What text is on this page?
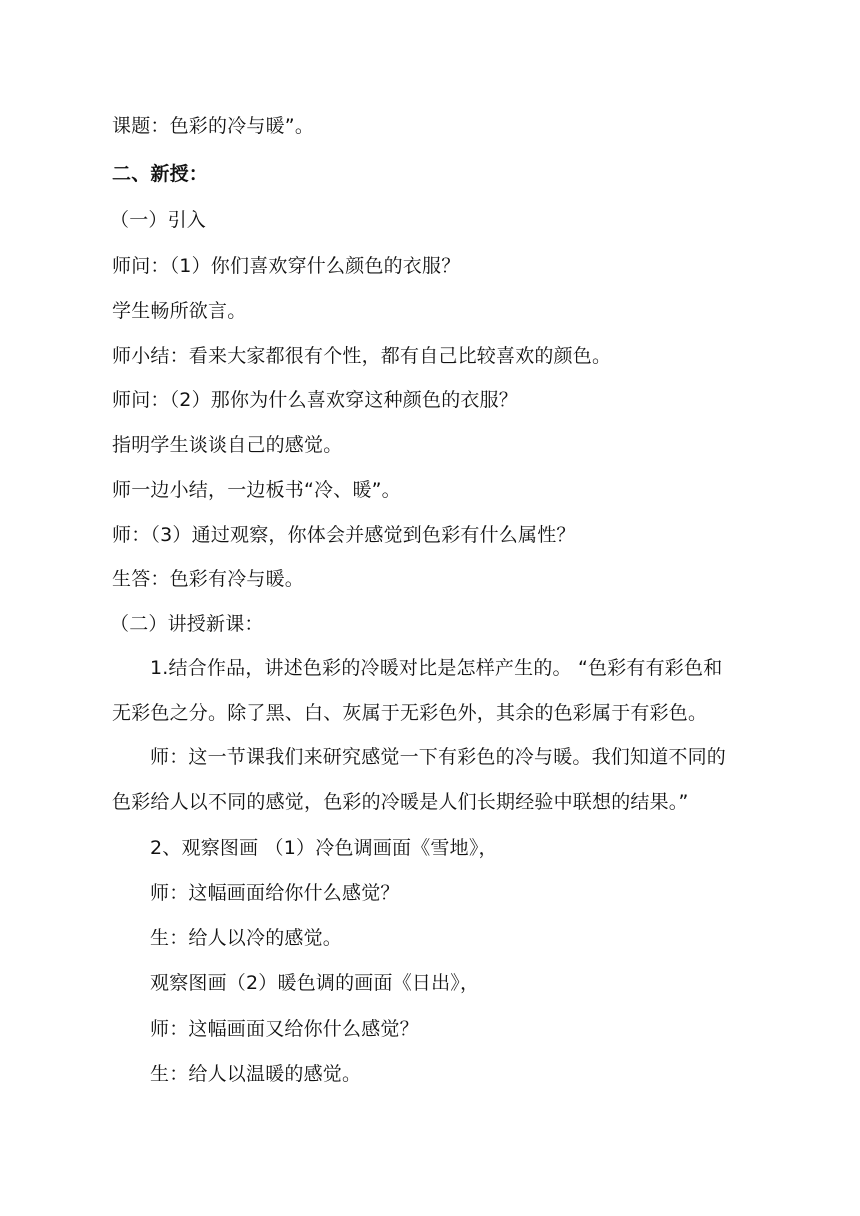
课题：色彩的冷与暖”。
二、新授：
（一）引入
师问：（1）你们喜欢穿什么颜色的衣服？
学生畅所欲言。
师小结：看来大家都很有个性，都有自己比较喜欢的颜色。
师问：（2）那你为什么喜欢穿这种颜色的衣服？
指明学生谈谈自己的感觉。
师一边小结，一边板书“冷、暖”。
师：（3）通过观察，你体会并感觉到色彩有什么属性？
生答：色彩有冷与暖。
（二）讲授新课：
1.结合作品，讲述色彩的冷暖对比是怎样产生的。 “色彩有有彩色和
无彩色之分。除了黑、白、灰属于无彩色外，其余的色彩属于有彩色。
师：这一节课我们来研究感觉一下有彩色的冷与暖。我们知道不同的
色彩给人以不同的感觉，色彩的冷暖是人们长期经验中联想的结果。”
2、观察图画 （1）冷色调画面《雪地》，
师：这幅画面给你什么感觉？
生：给人以冷的感觉。
观察图画（2）暖色调的画面《日出》，
师：这幅画面又给你什么感觉？
生：给人以温暖的感觉。
